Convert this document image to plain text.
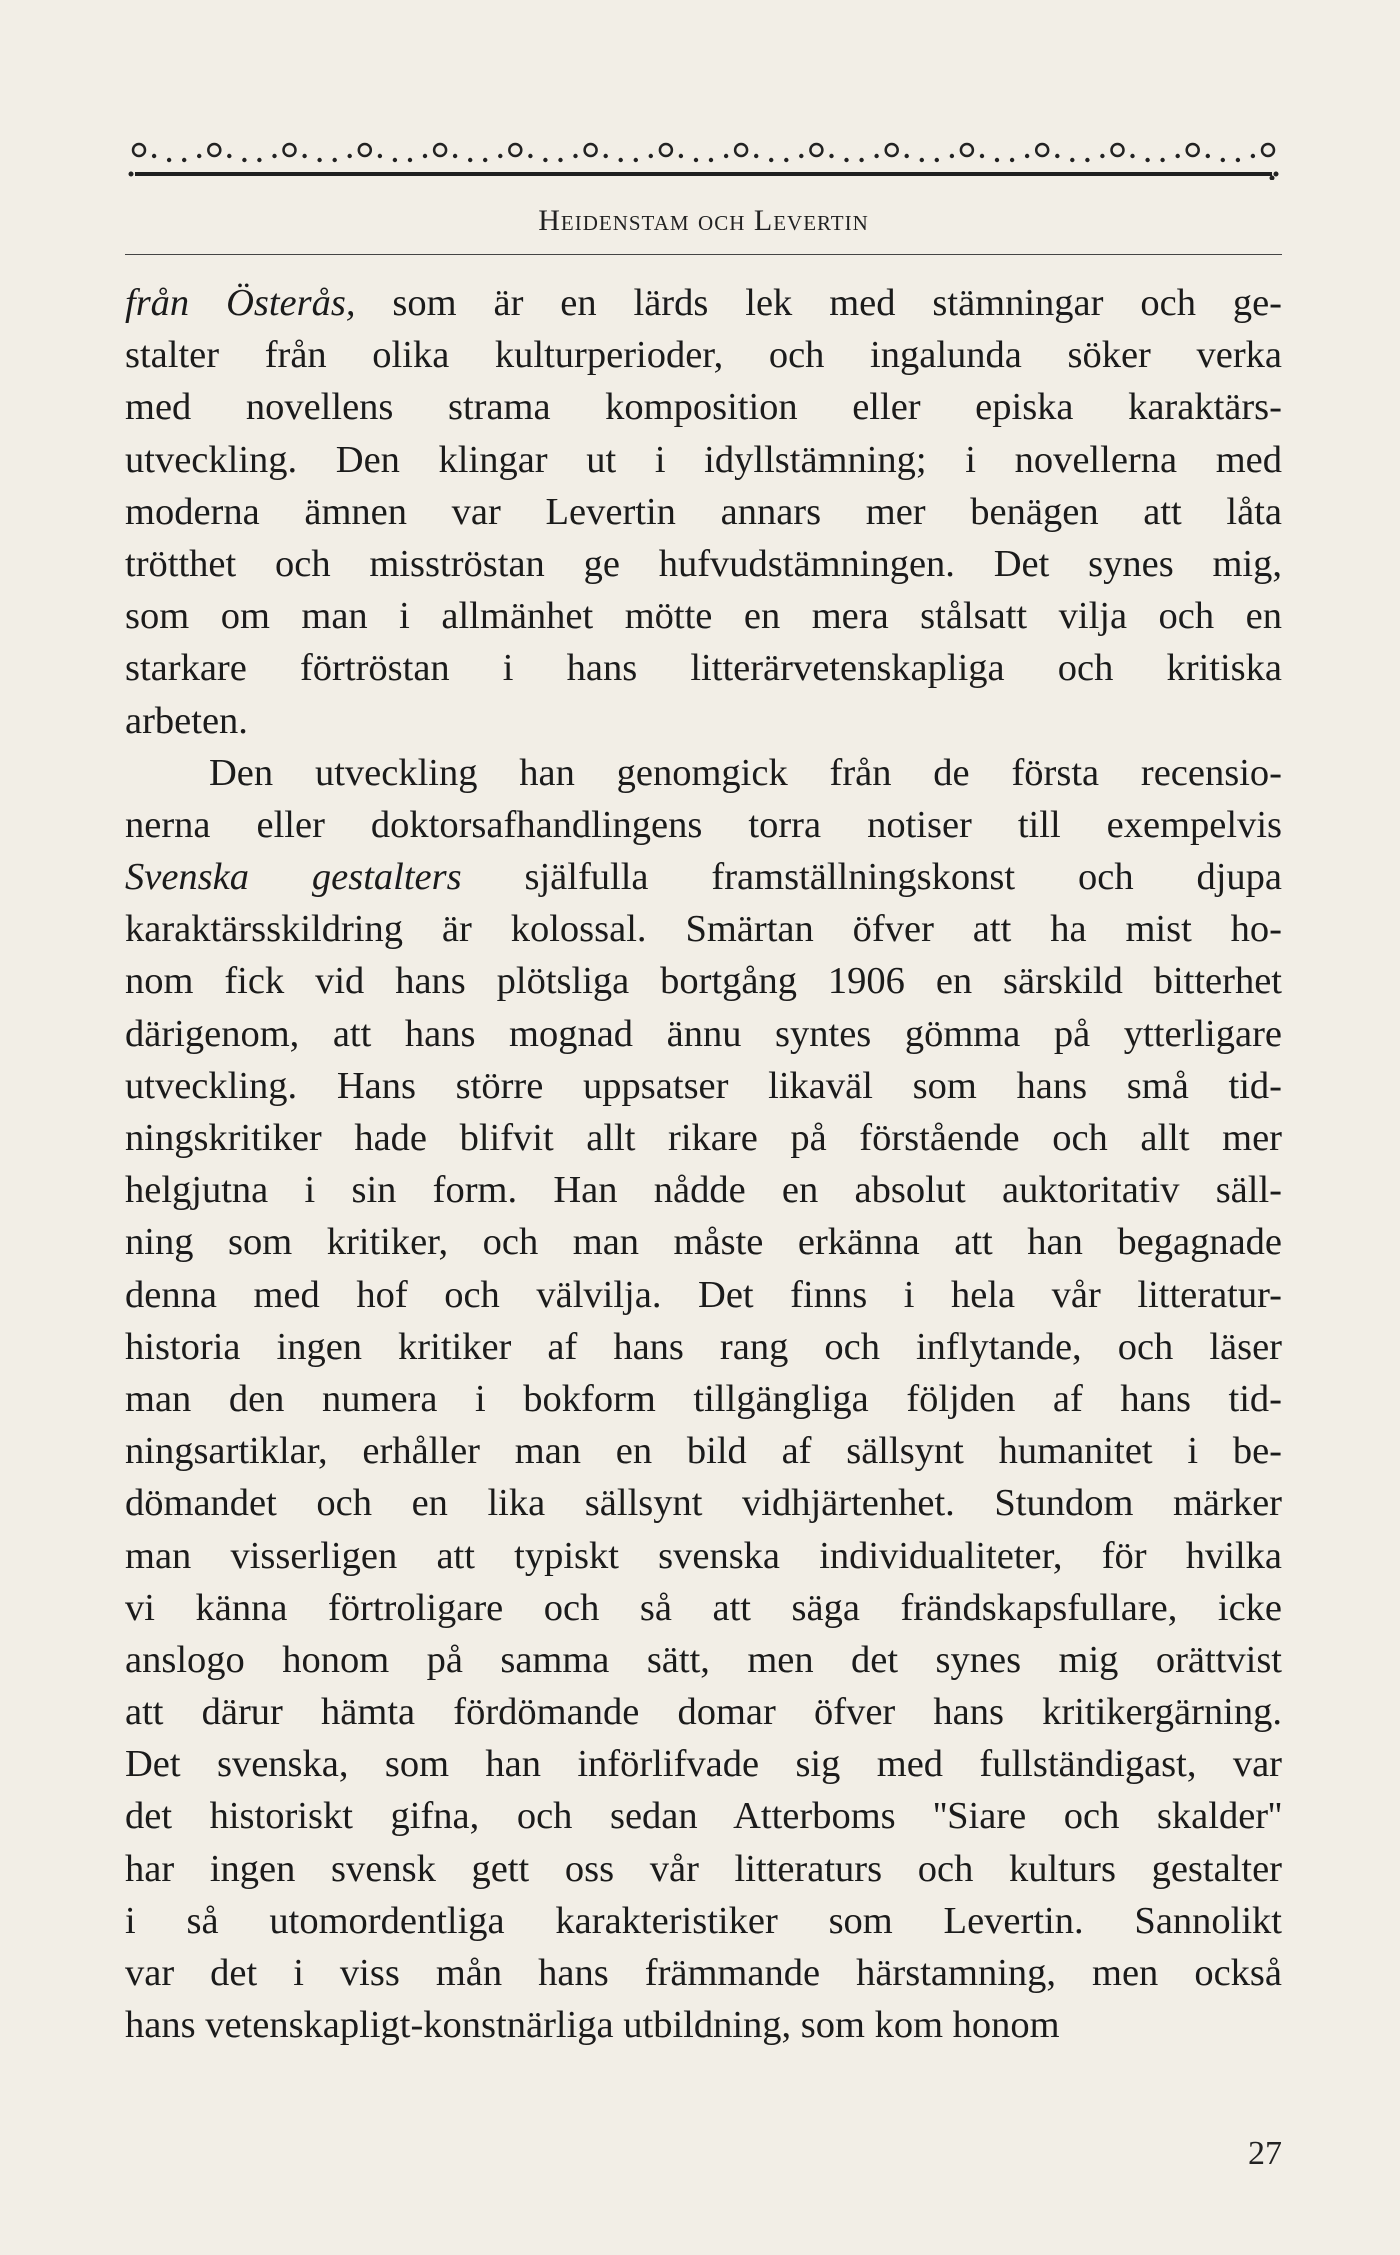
Heidenstam och Levertin
från Österås, som är en lärds lek med stämningar och ge-
stalter från olika kulturperioder, och ingalunda söker verka
med novellens strama komposition eller episka karaktärs-
utveckling. Den klingar ut i idyllstämning; i novellerna med
moderna ämnen var Levertin annars mer benägen att låta
trötthet och misströstan ge hufvudstämningen. Det synes mig,
som om man i allmänhet mötte en mera stålsatt vilja och en
starkare förtröstan i hans litterärvetenskapliga och kritiska
arbeten.
Den utveckling han genomgick från de första recensio-
nerna eller doktorsafhandlingens torra notiser till exempelvis
Svenska gestalters själfulla framställningskonst och djupa
karaktärsskildring är kolossal. Smärtan öfver att ha mist ho-
nom fick vid hans plötsliga bortgång 1906 en särskild bitterhet
därigenom, att hans mognad ännu syntes gömma på ytterligare
utveckling. Hans större uppsatser likaväl som hans små tid-
ningskritiker hade blifvit allt rikare på förstående och allt mer
helgjutna i sin form. Han nådde en absolut auktoritativ säll-
ning som kritiker, och man måste erkänna att han begagnade
denna med hof och välvilja. Det finns i hela vår litteratur-
historia ingen kritiker af hans rang och inflytande, och läser
man den numera i bokform tillgängliga följden af hans tid-
ningsartiklar, erhåller man en bild af sällsynt humanitet i be-
dömandet och en lika sällsynt vidhjärtenhet. Stundom märker
man visserligen att typiskt svenska individualiteter, för hvilka
vi känna förtroligare och så att säga frändskapsfullare, icke
anslogo honom på samma sätt, men det synes mig orättvist
att därur hämta fördömande domar öfver hans kritikergärning.
Det svenska, som han införlifvade sig med fullständigast, var
det historiskt gifna, och sedan Atterboms ''Siare och skalder''
har ingen svensk gett oss vår litteraturs och kulturs gestalter
i så utomordentliga karakteristiker som Levertin. Sannolikt
var det i viss mån hans främmande härstamning, men också
hans vetenskapligt-konstnärliga utbildning, som kom honom
27
